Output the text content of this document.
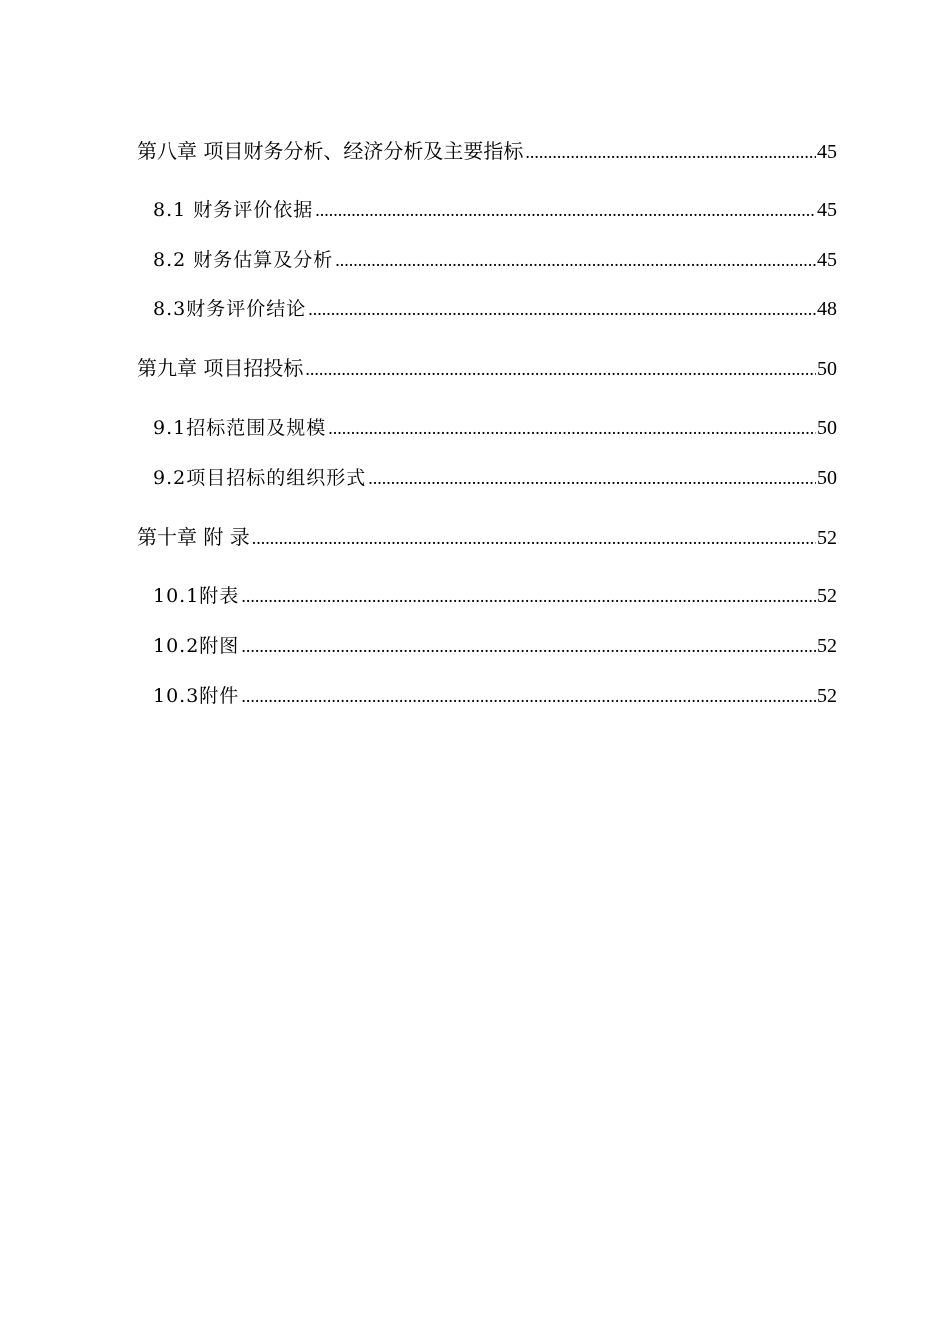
第八章 项目财务分析、经济分析及主要指标 .....	45
8.1 财务评价依据 .....	45
8.2 财务估算及分析 .....	45
8.3财务评价结论 .....	48
第九章 项目招投标 .....	50
9.1招标范围及规模 .....	50
9.2项目招标的组织形式 .....	50
第十章 附 录 .....	52
10.1附表 .....	52
10.2附图 .....	52
10.3附件 .....	52
